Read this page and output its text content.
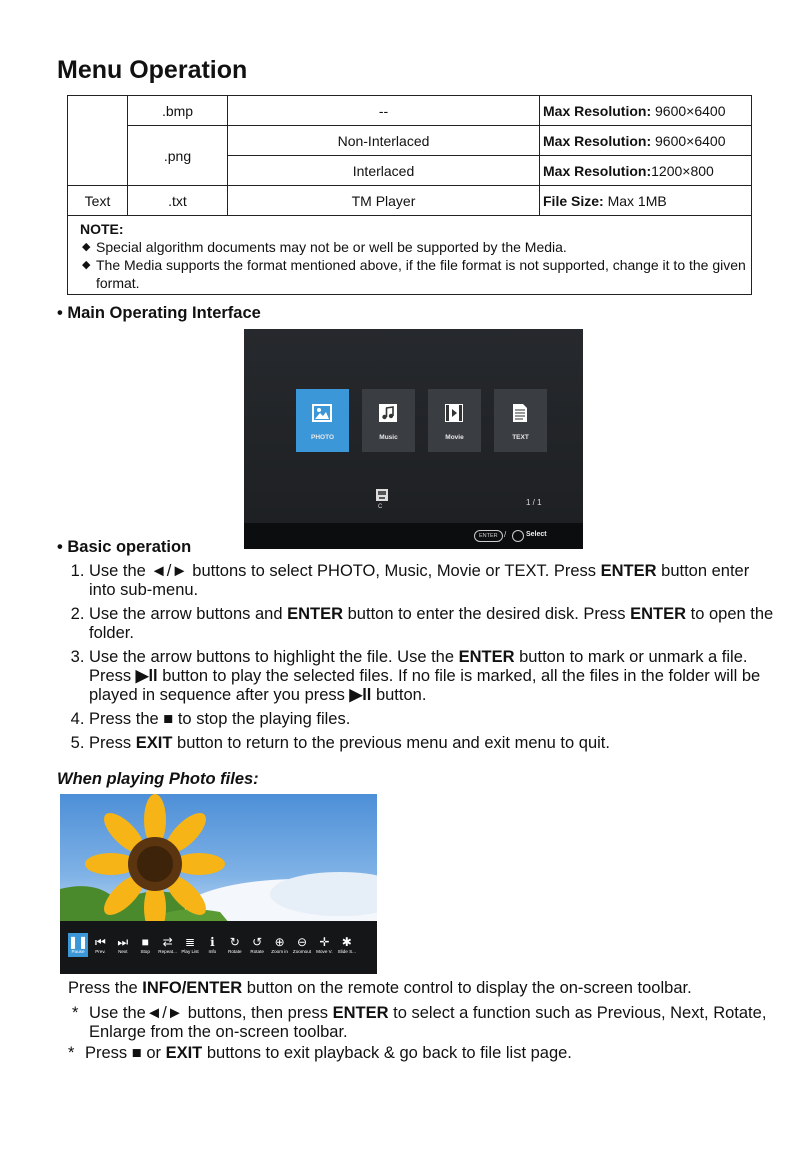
Menu Operation
	.bmp	--	Max Resolution: 9600×6400
	.png	Non-Interlaced	Max Resolution: 9600×6400
		Interlaced	Max Resolution:1200×800
Text	.txt	TM Player	File Size: Max 1MB

NOTE:
◆ Special algorithm documents may not be or well be supported by the Media.
◆ The Media supports the format mentioned above, if the file format is not supported, change it to the given format.			
• Main Operating Interface
PHOTO	Music	Movie	TEXT
C	1 / 1
ENTER /	Select
• Basic operation
1. Use the ◄/► buttons to select PHOTO, Music, Movie or TEXT. Press ENTER button enter into sub-menu.
2. Use the arrow buttons and ENTER button to enter the desired disk. Press ENTER to open the folder.
3. Use the arrow buttons to highlight the file. Use the ENTER button to mark or unmark a file. Press ▶ll button to play the selected files. If no file is marked, all the files in the folder will be played in sequence after you press ▶ll button.
4. Press the ■ to stop the playing files.
5. Press EXIT button to return to the previous menu and exit menu to quit.
When playing Photo files:
❚❚
Pause
⏮
Prev.
⏭
Next
■
Stop
⇄
Repeat...
≣
Play List
ℹ
Info
↻
Rotate
↺
Rotate
⊕
Zoom in
⊖
Zoomout
✛
Move V.
✱
Slide S...
Press the INFO/ENTER button on the remote control to display the on-screen toolbar.
* Use the◄/► buttons, then press ENTER to select a function such as Previous, Next, Rotate, Enlarge from the on-screen toolbar.
* Press ■ or EXIT buttons to exit playback & go back to file list page.
